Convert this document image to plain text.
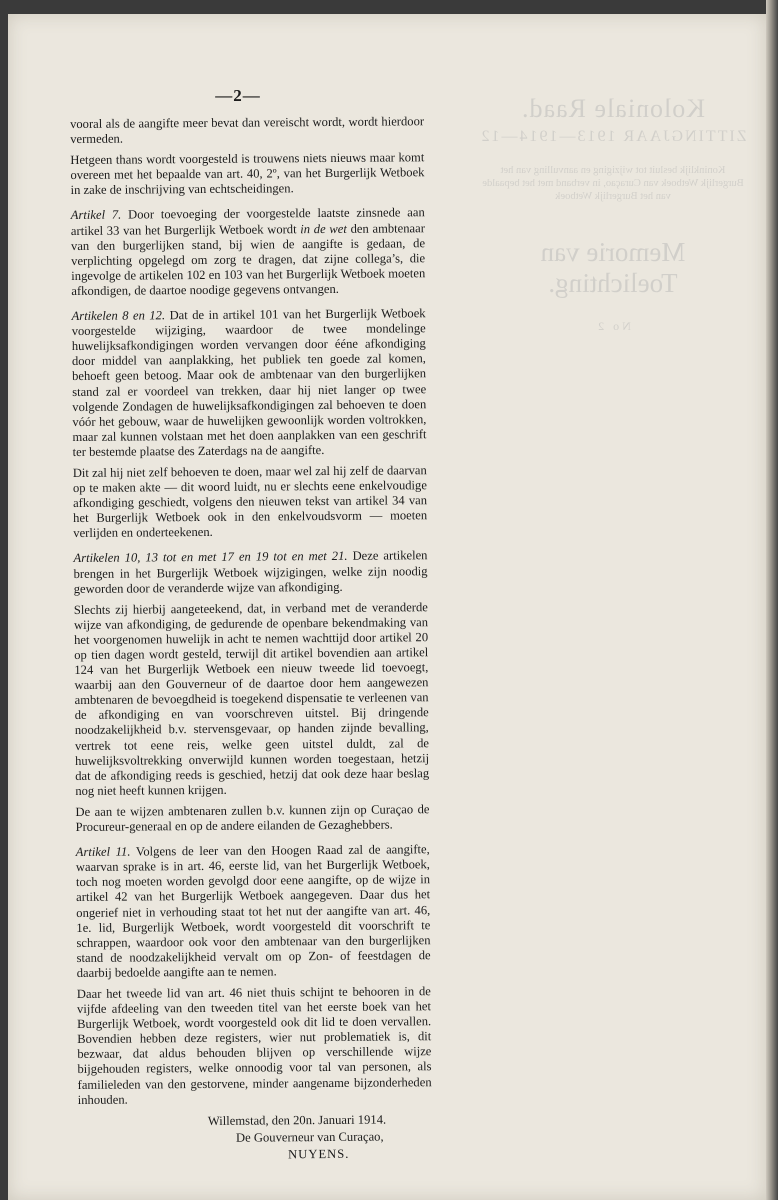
Koloniale Raad.
ZITTINGJAAR 1913—1914—12
Koninklijk besluit tot wijziging en aanvulling van het Burgerlijk Wetboek van Curaçao, in verband met het bepaalde van het Burgerlijk Wetboek
Memorie van Toelichting.
No 2
—2—

vooral als de aangifte meer bevat dan vereischt wordt, wordt hierdoor vermeden.

Hetgeen thans wordt voorgesteld is trouwens niets nieuws maar komt overeen met het bepaalde van art. 40, 2º, van het Burgerlijk Wetboek in zake de inschrijving van echtscheidingen.

Artikel 7. Door toevoeging der voorgestelde laatste zinsnede aan artikel 33 van het Burgerlijk Wetboek wordt in de wet den ambtenaar van den burgerlijken stand, bij wien de aangifte is gedaan, de verplichting opgelegd om zorg te dragen, dat zijne collega’s, die ingevolge de artikelen 102 en 103 van het Burgerlijk Wetboek moeten afkondigen, de daartoe noodige gegevens ontvangen.

Artikelen 8 en 12. Dat de in artikel 101 van het Burgerlijk Wetboek voorgestelde wijziging, waardoor de twee mondelinge huwelijksafkondigingen worden vervangen door ééne afkondiging door middel van aanplakking, het publiek ten goede zal komen, behoeft geen betoog. Maar ook de ambtenaar van den burgerlijken stand zal er voordeel van trekken, daar hij niet langer op twee volgende Zondagen de huwelijksafkondigingen zal behoeven te doen vóór het gebouw, waar de huwelijken gewoonlijk worden voltrokken, maar zal kunnen volstaan met het doen aanplakken van een geschrift ter bestemde plaatse des Zaterdags na de aangifte.

Dit zal hij niet zelf behoeven te doen, maar wel zal hij zelf de daarvan op te maken akte — dit woord luidt, nu er slechts eene enkelvoudige afkondiging geschiedt, volgens den nieuwen tekst van artikel 34 van het Burgerlijk Wetboek ook in den enkelvoudsvorm — moeten verlijden en onderteekenen.

Artikelen 10, 13 tot en met 17 en 19 tot en met 21. Deze artikelen brengen in het Burgerlijk Wetboek wijzigingen, welke zijn noodig geworden door de veranderde wijze van afkondiging.

Slechts zij hierbij aangeteekend, dat, in verband met de veranderde wijze van afkondiging, de gedurende de openbare bekendmaking van het voorgenomen huwelijk in acht te nemen wachttijd door artikel 20 op tien dagen wordt gesteld, terwijl dit artikel bovendien aan artikel 124 van het Burgerlijk Wetboek een nieuw tweede lid toevoegt, waarbij aan den Gouverneur of de daartoe door hem aangewezen ambtenaren de bevoegdheid is toegekend dispensatie te verleenen van de afkondiging en van voorschreven uitstel. Bij dringende noodzakelijkheid b.v. stervensgevaar, op handen zijnde bevalling, vertrek tot eene reis, welke geen uitstel duldt, zal de huwelijksvoltrekking onverwijld kunnen worden toegestaan, hetzij dat de afkondiging reeds is geschied, hetzij dat ook deze haar beslag nog niet heeft kunnen krijgen.

De aan te wijzen ambtenaren zullen b.v. kunnen zijn op Curaçao de Procureur-generaal en op de andere eilanden de Gezaghebbers.

Artikel 11. Volgens de leer van den Hoogen Raad zal de aangifte, waarvan sprake is in art. 46, eerste lid, van het Burgerlijk Wetboek, toch nog moeten worden gevolgd door eene aangifte, op de wijze in artikel 42 van het Burgerlijk Wetboek aangegeven. Daar dus het ongerief niet in verhouding staat tot het nut der aangifte van art. 46, 1e. lid, Burgerlijk Wetboek, wordt voorgesteld dit voorschrift te schrappen, waardoor ook voor den ambtenaar van den burgerlijken stand de noodzakelijkheid vervalt om op Zon- of feestdagen de daarbij bedoelde aangifte aan te nemen.

Daar het tweede lid van art. 46 niet thuis schijnt te behooren in de vijfde afdeeling van den tweeden titel van het eerste boek van het Burgerlijk Wetboek, wordt voorgesteld ook dit lid te doen vervallen. Bovendien hebben deze registers, wier nut problematiek is, dit bezwaar, dat aldus behouden blijven op verschillende wijze bijgehouden registers, welke onnoodig voor tal van personen, als familieleden van den gestorvene, minder aangename bijzonderheden inhouden.

Willemstad, den 20n. Januari 1914.
De Gouverneur van Curaçao,
NUYENS.
